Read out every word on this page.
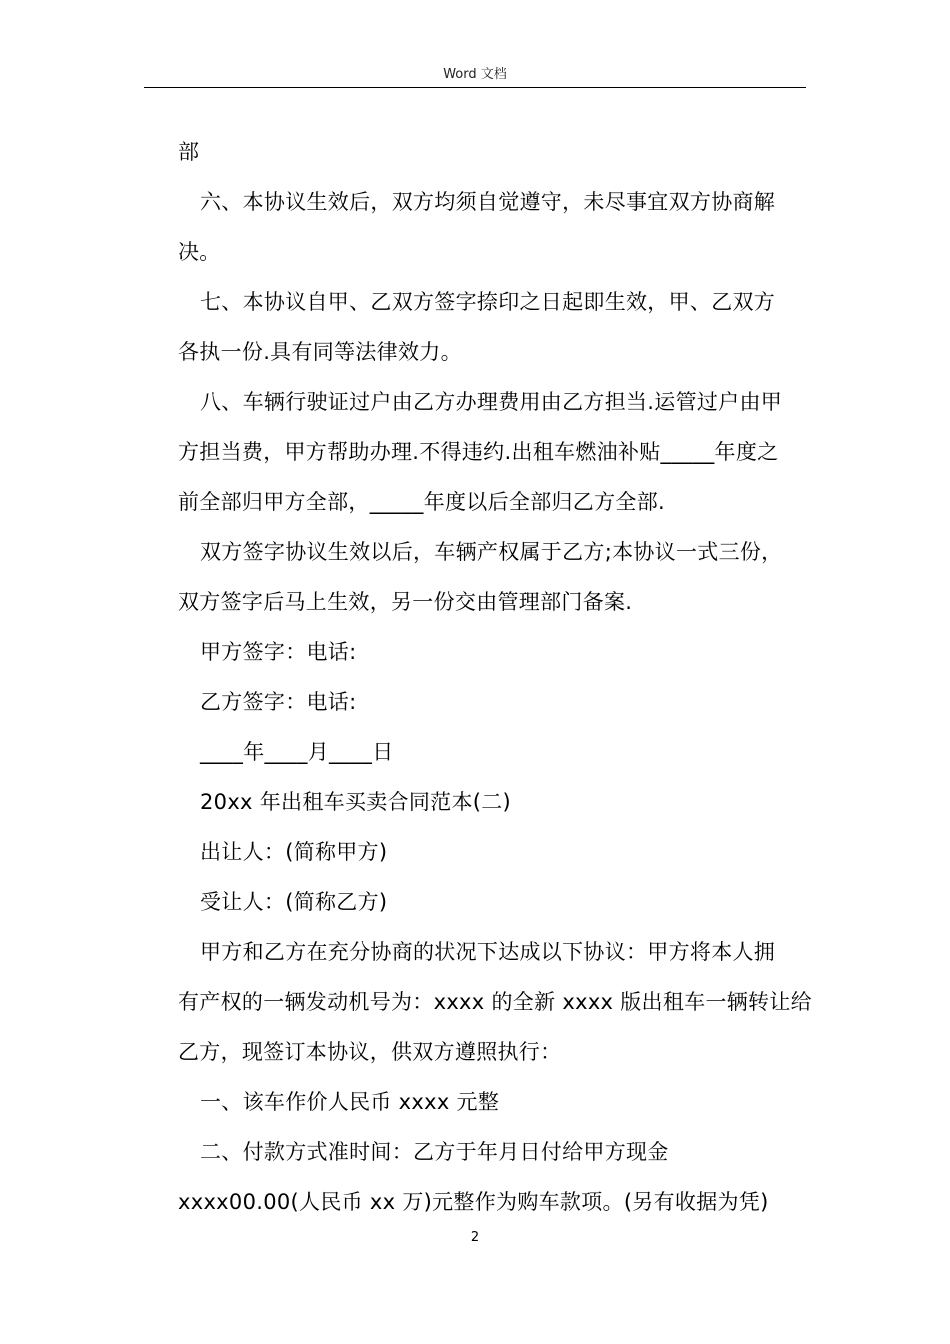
Word 文档

部

六、本协议生效后，双方均须自觉遵守，未尽事宜双方协商解

决。

七、本协议自甲、乙双方签字捺印之日起即生效，甲、乙双方

各执一份.具有同等法律效力。

八、车辆行驶证过户由乙方办理费用由乙方担当.运管过户由甲

方担当费，甲方帮助办理.不得违约.出租车燃油补贴_____年度之

前全部归甲方全部，_____年度以后全部归乙方全部.

双方签字协议生效以后，车辆产权属于乙方;本协议一式三份，

双方签字后马上生效，另一份交由管理部门备案.

甲方签字：电话:

乙方签字：电话:

____年____月____日

20xx 年出租车买卖合同范本(二)

出让人：(简称甲方)

受让人：(简称乙方)

甲方和乙方在充分协商的状况下达成以下协议：甲方将本人拥

有产权的一辆发动机号为：xxxx 的全新 xxxx 版出租车一辆转让给

乙方，现签订本协议，供双方遵照执行：

一、该车作价人民币 xxxx 元整

二、付款方式准时间：乙方于年月日付给甲方现金

xxxx00.00(人民币 xx 万)元整作为购车款项。(另有收据为凭)

2
